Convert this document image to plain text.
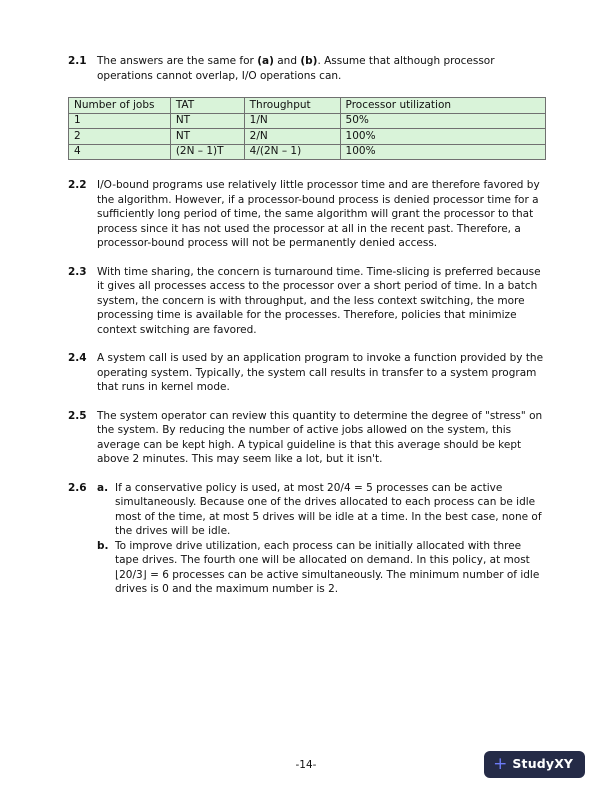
2.1 The answers are the same for (a) and (b). Assume that although processor operations cannot overlap, I/O operations can.
Number of jobs	TAT	Throughput	Processor utilization
1	NT	1/N	50%
2	NT	2/N	100%
4	(2N – 1)T	4/(2N – 1)	100%
2.2 I/O-bound programs use relatively little processor time and are therefore favored by the algorithm. However, if a processor-bound process is denied processor time for a sufficiently long period of time, the same algorithm will grant the processor to that process since it has not used the processor at all in the recent past. Therefore, a processor-bound process will not be permanently denied access.
2.3 With time sharing, the concern is turnaround time. Time-slicing is preferred because it gives all processes access to the processor over a short period of time. In a batch system, the concern is with throughput, and the less context switching, the more processing time is available for the processes. Therefore, policies that minimize context switching are favored.
2.4 A system call is used by an application program to invoke a function provided by the operating system. Typically, the system call results in transfer to a system program that runs in kernel mode.
2.5 The system operator can review this quantity to determine the degree of "stress" on the system. By reducing the number of active jobs allowed on the system, this average can be kept high. A typical guideline is that this average should be kept above 2 minutes. This may seem like a lot, but it isn't.
2.6 a. If a conservative policy is used, at most 20/4 = 5 processes can be active simultaneously. Because one of the drives allocated to each process can be idle most of the time, at most 5 drives will be idle at a time. In the best case, none of the drives will be idle.
b. To improve drive utilization, each process can be initially allocated with three tape drives. The fourth one will be allocated on demand. In this policy, at most ⌊20/3⌋ = 6 processes can be active simultaneously. The minimum number of idle drives is 0 and the maximum number is 2.
-14-	+ Study XY
